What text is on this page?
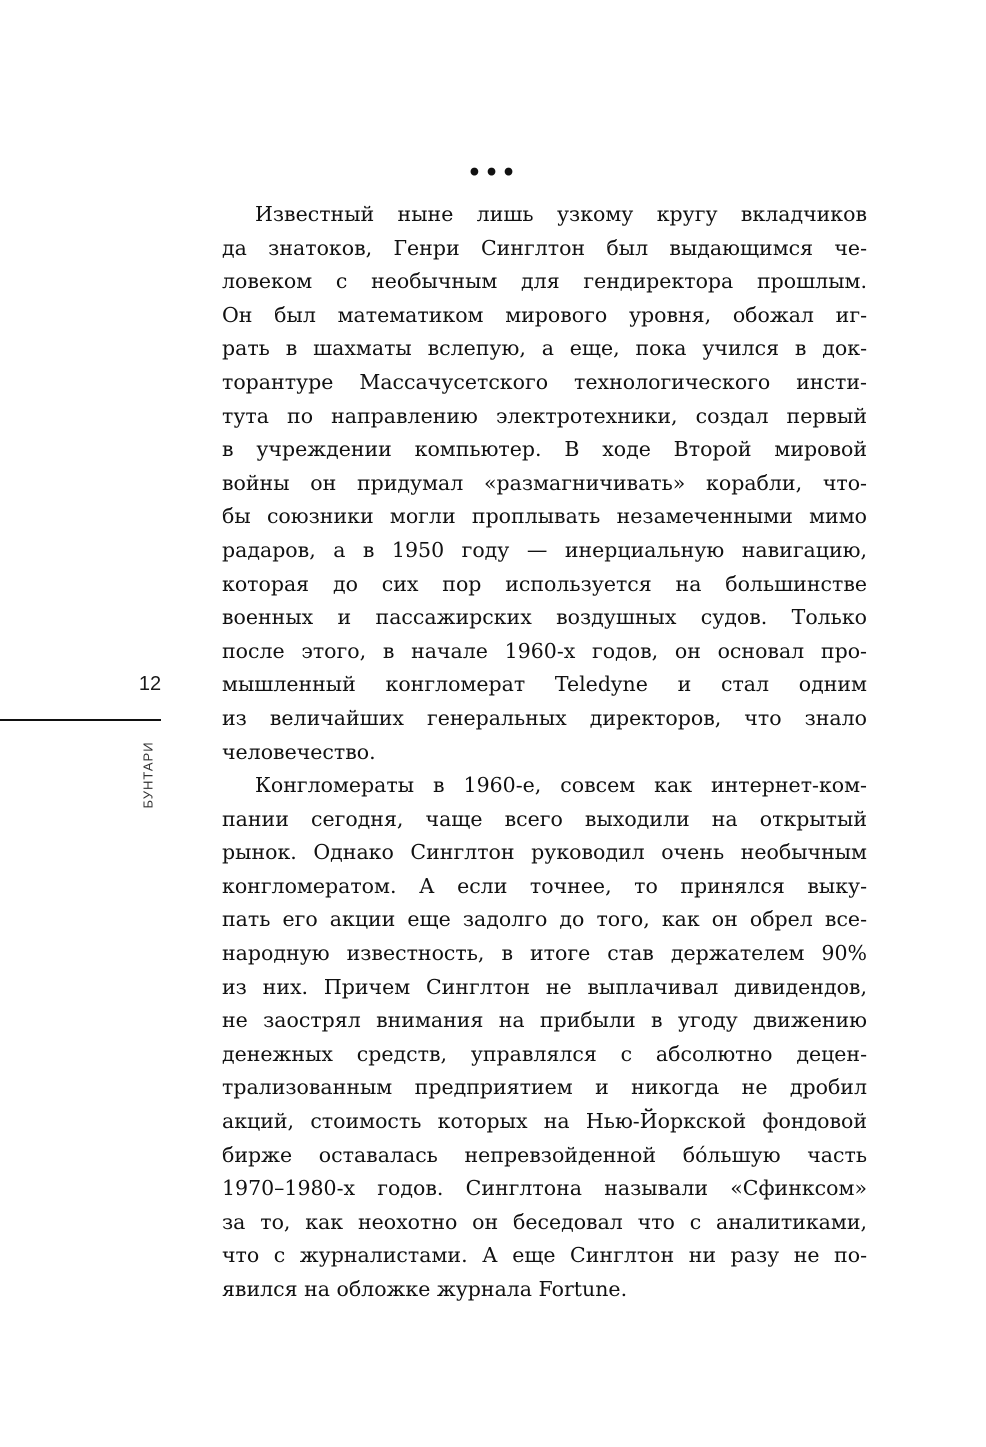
•••
Известный ныне лишь узкому кругу вкладчиков
да знатоков, Генри Синглтон был выдающимся че-
ловеком с необычным для гендиректора прошлым.
Он был математиком мирового уровня, обожал иг-
рать в шахматы вслепую, а еще, пока учился в док-
торантуре Массачусетского технологического инсти-
тута по направлению электротехники, создал первый
в учреждении компьютер. В ходе Второй мировой
войны он придумал «размагничивать» корабли, что-
бы союзники могли проплывать незамеченными мимо
радаров, а в 1950 году — инерциальную навигацию,
которая до сих пор используется на большинстве
военных и пассажирских воздушных судов. Только
после этого, в начале 1960-х годов, он основал про-
мышленный конгломерат Teledyne и стал одним
из величайших генеральных директоров, что знало
человечество.
Конгломераты в 1960-е, совсем как интернет-ком-
пании сегодня, чаще всего выходили на открытый
рынок. Однако Синглтон руководил очень необычным
конгломератом. А если точнее, то принялся выку-
пать его акции еще задолго до того, как он обрел все-
народную известность, в итоге став держателем 90%
из них. Причем Синглтон не выплачивал дивидендов,
не заострял внимания на прибыли в угоду движению
денежных средств, управлялся с абсолютно децен-
трализованным предприятием и никогда не дробил
акций, стоимость которых на Нью-Йоркской фондовой
бирже оставалась непревзойденной бо́льшую часть
1970–1980-х годов. Синглтона называли «Сфинксом»
за то, как неохотно он беседовал что с аналитиками,
что с журналистами. А еще Синглтон ни разу не по-
явился на обложке журнала Fortune.
12
БУНТАРИ
